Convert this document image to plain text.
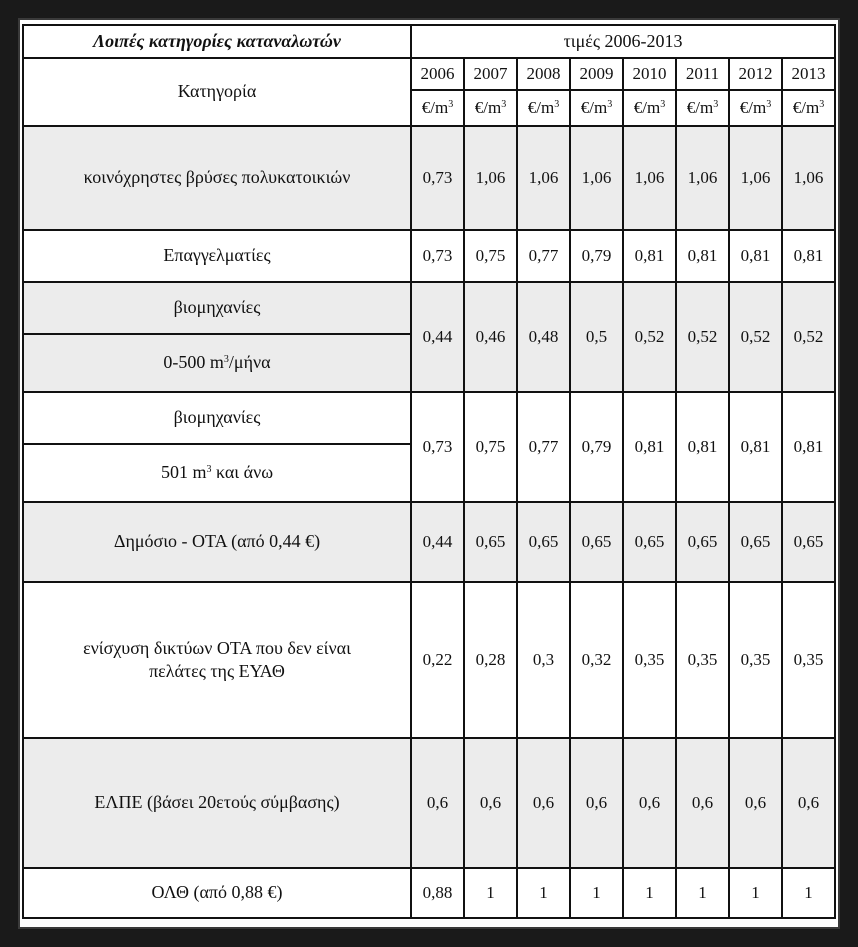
Λοιπές κατηγορίες καταναλωτών	τιμές 2006-2013							
Κατηγορία	2006	2007	2008	2009	2010	2011	2012	2013
	$€/m^3$	$€/m^3$	$€/m^3$	$€/m^3$	$€/m^3$	$€/m^3$	$€/m^3$	$€/m^3$
κοινόχρηστες βρύσες πολυκατοικιών	0,73	1,06	1,06	1,06	1,06	1,06	1,06	1,06
Επαγγελματίες	0,73	0,75	0,77	0,79	0,81	0,81	0,81	0,81
βιομηχανίες	0,44	0,46	0,48	0,5	0,52	0,52	0,52	0,52
0-500 $m^3$/μήνα								
βιομηχανίες	0,73	0,75	0,77	0,79	0,81	0,81	0,81	0,81
501 $m^3$ και άνω								
Δημόσιο - ΟΤΑ (από 0,44 €)	0,44	0,65	0,65	0,65	0,65	0,65	0,65	0,65
ενίσχυση δικτύων ΟΤΑ που δεν είναι
πελάτες της ΕΥΑΘ	0,22	0,28	0,3	0,32	0,35	0,35	0,35	0,35
ΕΛΠΕ (βάσει 20ετούς σύμβασης)	0,6	0,6	0,6	0,6	0,6	0,6	0,6	0,6
ΟΛΘ (από 0,88 €)	0,88	1	1	1	1	1	1	1
